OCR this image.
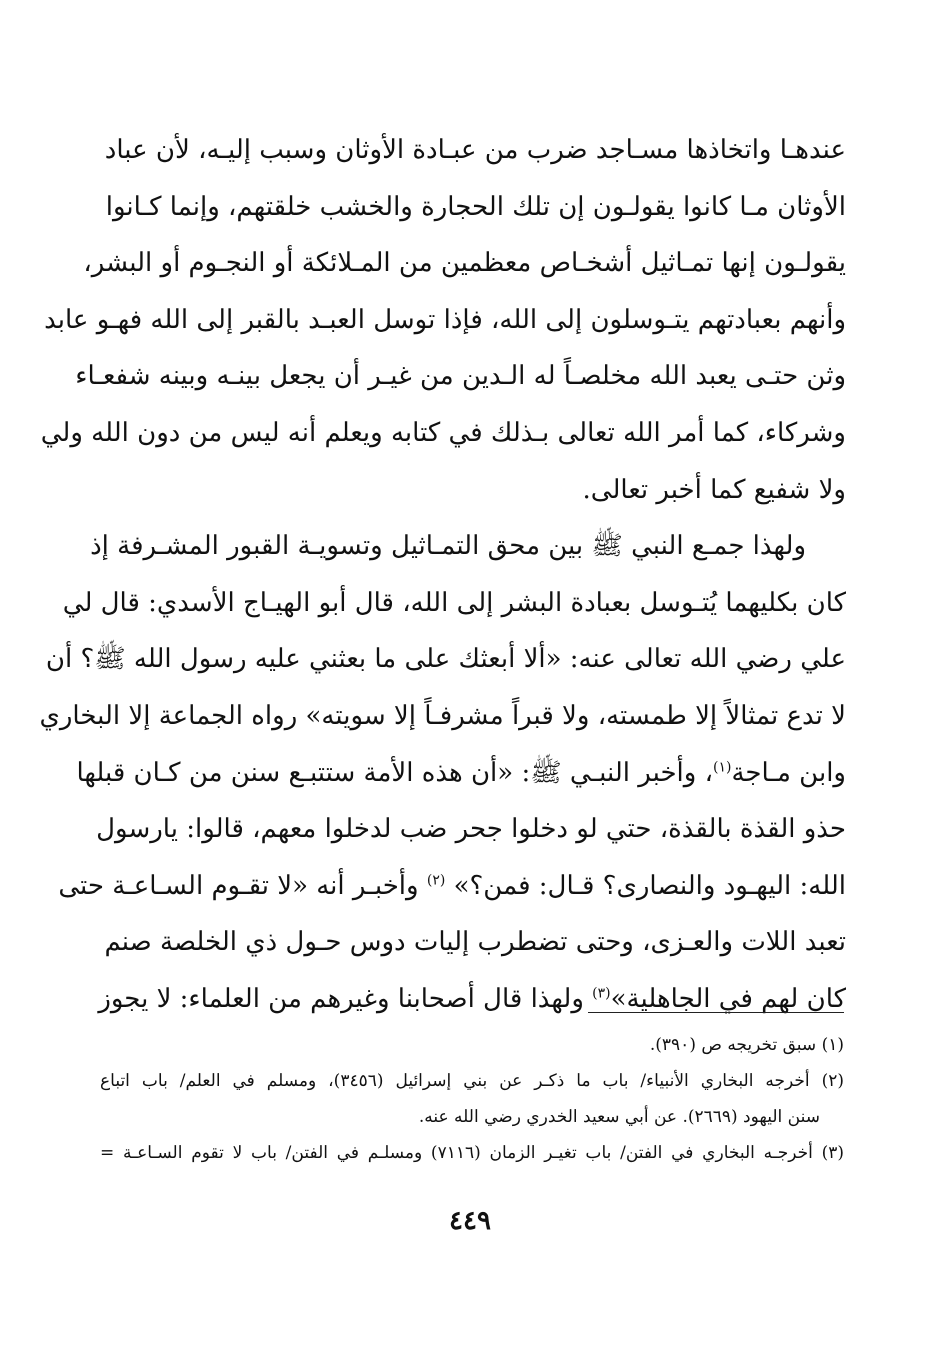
عندهـا واتخاذها مسـاجد ضرب من عبـادة الأوثان وسبب إليـه، لأن عباد
الأوثان مـا كانوا يقولـون إن تلك الحجارة والخشب خلقتهم، وإنما كـانوا
يقولـون إنها تمـاثيل أشخـاص معظمين من المـلائكة أو النجـوم أو البشر،
وأنهم بعبادتهم يتـوسلون إلى الله، فإذا توسل العبـد بالقبر إلى الله فهـو عابد
وثن حتـى يعبد الله مخلصـاً له الـدين من غيـر أن يجعل بينـه وبينه شفعـاء
وشركاء، كما أمر الله تعالى بـذلك في كتابه ويعلم أنه ليس من دون الله ولي
ولا شفيع كما أخبر تعالى.
ولهذا جمـع النبي ﷺ بين محق التمـاثيل وتسويـة القبور المشـرفة إذ
كان بكليهما يُتـوسل بعبادة البشر إلى الله، قال أبو الهيـاج الأسدي: قال لي
علي رضي الله تعالى عنه: «ألا أبعثك على ما بعثني عليه رسول الله ﷺ؟ أن
لا تدع تمثالاً إلا طمسته، ولا قبراً مشرفـاً إلا سويته» رواه الجماعة إلا البخاري
وابن مـاجة$^{(١)}$، وأخبر النبـي ﷺ: «أن هذه الأمة ستتبـع سنن من كـان قبلها
حذو القذة بالقذة، حتي لو دخلوا جحر ضب لدخلوا معهم، قالوا: يارسول
الله: اليهـود والنصارى؟ قـال: فمن؟» $^{(٢)}$ وأخبـر أنه «لا تقـوم السـاعـة حتى
تعبد اللات والعـزى، وحتى تضطرب إليات دوس حـول ذي الخلصة صنم
كان لهم في الجاهلية»$^{(٣)}$ ولهذا قال أصحابنا وغيرهم من العلماء: لا يجوز
(١) سبق تخريجه ص (٣٩٠).
(٢) أخرجه البخاري الأنبياء/ باب ما ذكـر عن بني إسرائيل (٣٤٥٦)، ومسلم في العلم/ باب اتباع
سنن اليهود (٢٦٦٩). عن أبي سعيد الخدري رضي الله عنه.
(٣) أخرجـه البخاري في الفتن/ باب تغيـر الزمان (٧١١٦) ومسلـم في الفتن/ باب لا تقوم السـاعـة =
٤٤٩
